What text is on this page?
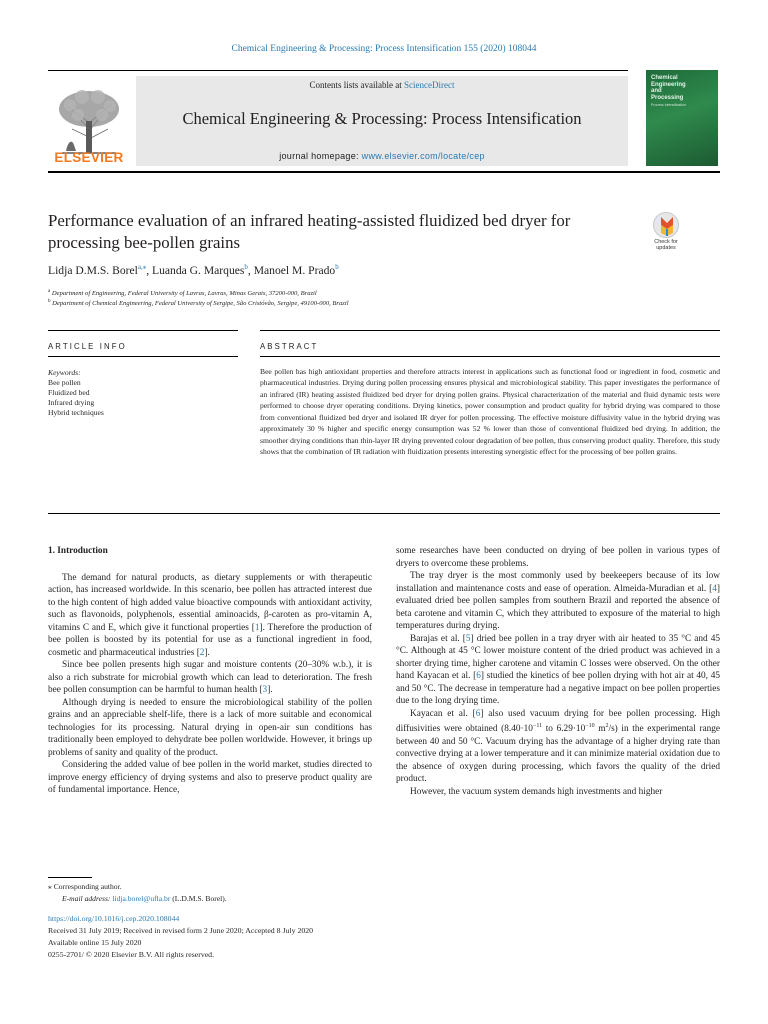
Chemical Engineering & Processing: Process Intensification 155 (2020) 108044
ELSEVIER
Contents lists available at ScienceDirect
Chemical Engineering & Processing: Process Intensification
journal homepage: www.elsevier.com/locate/cep
Chemical
Engineering
and
Processing
Process Intensification
Performance evaluation of an infrared heating-assisted fluidized bed dryer for processing bee-pollen grains	Check for updates
Lidja D.M.S. Borel$^{a,⁎}$, Luanda G. Marques$^b$, Manoel M. Prado$^b$
$^a$ Department of Engineering, Federal University of Lavras, Lavras, Minas Gerais, 37200-000, Brazil
$^b$ Department of Chemical Engineering, Federal University of Sergipe, São Cristóvão, Sergipe, 49100-000, Brazil
ARTICLE INFO	ABSTRACT
Keywords:
Bee pollen
Fluidized bed
Infrared drying
Hybrid techniques
Bee pollen has high antioxidant properties and therefore attracts interest in applications such as functional food or ingredient in food, cosmetic and pharmaceutical industries. Drying during pollen processing ensures physical and microbiological stability. This paper investigates the performance of an infrared (IR) heating assisted fluidized bed dryer for drying pollen grains. Physical characterization of the material and fluid dynamic tests were performed to choose dryer operating conditions. Drying kinetics, power consumption and product quality for hybrid drying was compared to those from conventional fluidized bed dryer and isolated IR dryer for pollen processing. The effective moisture diffusivity value in the hybrid drying was approximately 30 % higher and specific energy consumption was 52 % lower than those of conventional fluidized bed drying. In addition, the smoother drying conditions than thin-layer IR drying prevented colour degradation of bee pollen, thus conserving product quality. Therefore, this study shows that the combination of IR radiation with fluidization presents interesting synergistic effect for the processing of bee pollen grains.
1. Introduction

The demand for natural products, as dietary supplements or with therapeutic action, has increased worldwide. In this scenario, bee pollen has attracted interest due to the high content of high added value bioactive compounds with antioxidant activity, such as flavonoids, polyphenols, essential aminoacids, β-caroten as pro-vitamin A, vitamins C and E, which give it functional properties [1]. Therefore the production of bee pollen is boosted by its potential for use as a functional ingredient in food, cosmetic and pharmaceutical industries [2].

Since bee pollen presents high sugar and moisture contents (20–30% w.b.), it is also a rich substrate for microbial growth which can lead to deterioration. The fresh bee pollen consumption can be harmful to human health [3].

Although drying is needed to ensure the microbiological stability of the pollen grains and an appreciable shelf-life, there is a lack of more suitable and economical technologies for its processing. Natural drying in open-air sun conditions has traditionally been employed to dehydrate bee pollen worldwide. However, it brings up problems of sanity and quality of the product.

Considering the added value of bee pollen in the world market, studies directed to improve energy efficiency of drying systems and also to preserve product quality are of fundamental importance. Hence,

some researches have been conducted on drying of bee pollen in various types of dryers to overcome these problems.

The tray dryer is the most commonly used by beekeepers because of its low installation and maintenance costs and ease of operation. Almeida-Muradian et al. [4] evaluated dried bee pollen samples from southern Brazil and reported the absence of beta carotene and vitamin C, which they attributed to exposure of the material to high temperatures during drying.

Barajas et al. [5] dried bee pollen in a tray dryer with air heated to 35 °C and 45 °C. Although at 45 °C lower moisture content of the dried product was achieved in a shorter drying time, higher carotene and vitamin C losses were observed. On the other hand Kayacan et al. [6] studied the kinetics of bee pollen drying with hot air at 40, 45 and 50 °C. The decrease in temperature had a negative impact on bee pollen properties due to the long drying time.

Kayacan et al. [6] also used vacuum drying for bee pollen processing. High diffusivities were obtained ($8.40\cdot 10^{-11}$ to $6.29\cdot 10^{-10}$ $m^2/s$) in the experimental range between 40 and 50 °C. Vacuum drying has the advantage of a higher drying rate than convective drying at a lower temperature and it can minimize material oxidation due to the absence of oxygen during processing, which favors the quality of the dried product.

However, the vacuum system demands high investments and higher

⁎ Corresponding author.
E-mail address: lidja.borel@ufla.br (L.D.M.S. Borel).
https://doi.org/10.1016/j.cep.2020.108044
Received 31 July 2019; Received in revised form 2 June 2020; Accepted 8 July 2020
Available online 15 July 2020
0255-2701/ © 2020 Elsevier B.V. All rights reserved.
